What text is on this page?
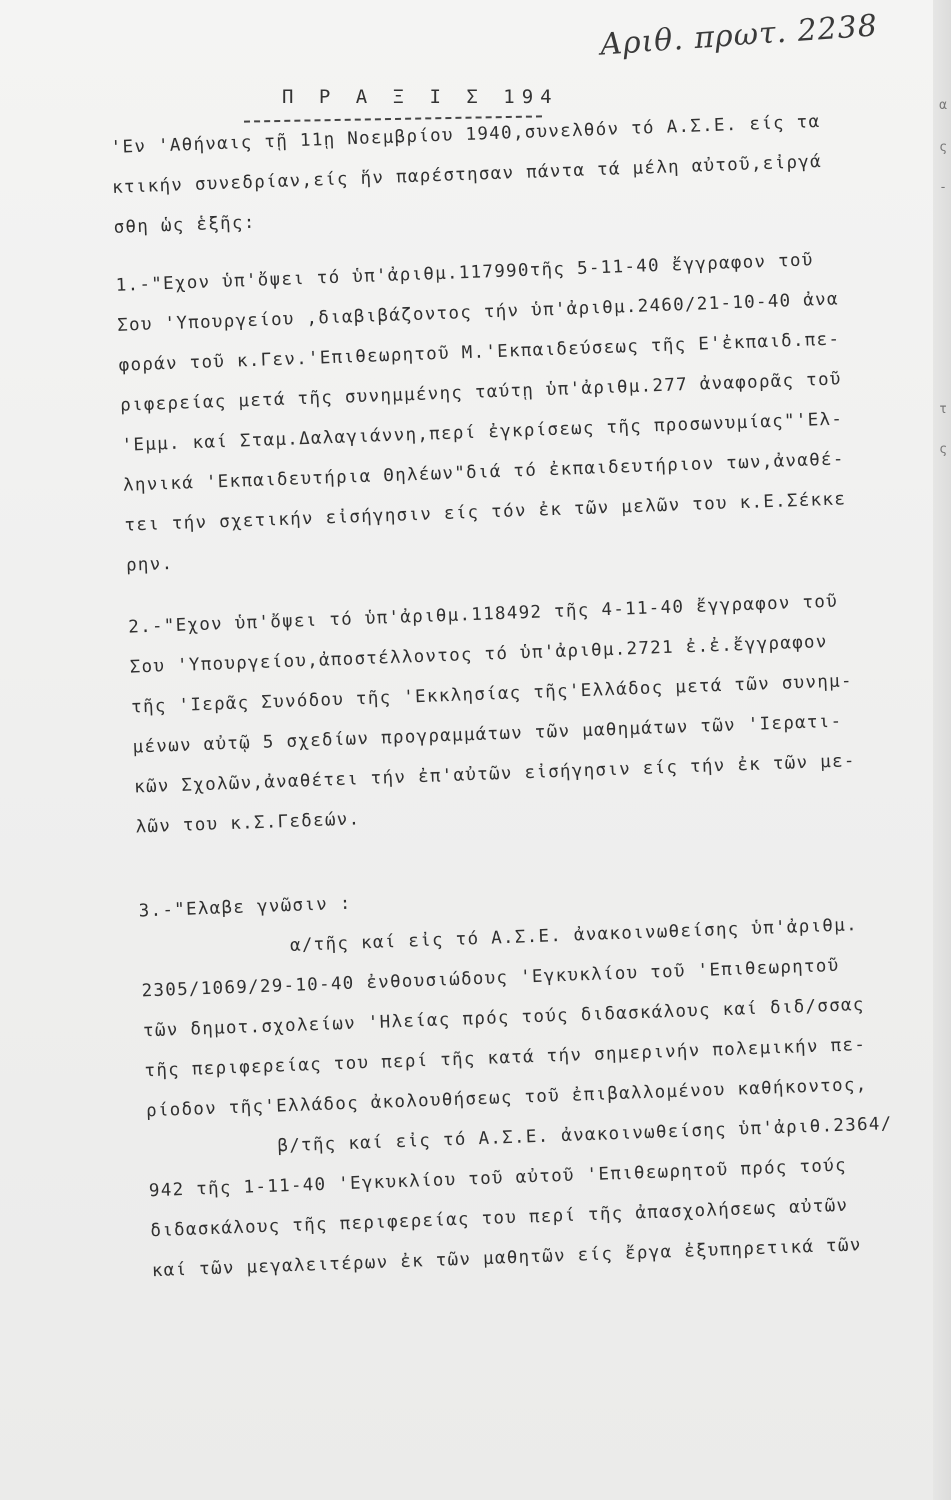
Αριθ. πρωτ. 2238
Π Ρ Α Ξ Ι Σ 194
'Εν 'Αθήναις τῇ 11ῃ Νοεμβρίου 1940,συνελθόν τό Α.Σ.Ε. είς τα
κτικήν συνεδρίαν,είς ἥν παρέστησαν πάντα τά μέλη αὐτοῦ,εἰργά
σθη ὡς ἑξῆς:
1.-"Εχον ὑπ'ὄψει τό ὑπ'ἀριθμ.117990τῆς 5-11-40 ἔγγραφον τοῦ
Σου 'Υπουργείου ,διαβιβάζοντος τήν ὑπ'ἀριθμ.2460/21-10-40 ἀνα
φοράν τοῦ κ.Γεν.'Επιθεωρητοῦ Μ.'Εκπαιδεύσεως τῆς Ε'ἐκπαιδ.πε-
ριφερείας μετά τῆς συνημμένης ταύτῃ ὑπ'ἀριθμ.277 ἀναφορᾶς τοῦ
'Εμμ. καί Σταμ.Δαλαγιάννη,περί ἐγκρίσεως τῆς προσωνυμίας"'Ελ-
ληνικά 'Εκπαιδευτήρια Θηλέων"διά τό ἐκπαιδευτήριον των,ἀναθέ-
τει τήν σχετικήν εἰσήγησιν είς τόν ἐκ τῶν μελῶν του κ.Ε.Σέκκε
ρην.
2.-"Εχον ὑπ'ὄψει τό ὑπ'ἀριθμ.118492 τῆς 4-11-40 ἔγγραφον τοῦ
Σου 'Υπουργείου,ἀποστέλλοντος τό ὑπ'ἀριθμ.2721 ἐ.ἐ.ἔγγραφον
τῆς 'Ιερᾶς Συνόδου τῆς 'Εκκλησίας τῆς'Ελλάδος μετά τῶν συνημ-
μένων αὐτῷ 5 σχεδίων προγραμμάτων τῶν μαθημάτων τῶν 'Ιερατι-
κῶν Σχολῶν,ἀναθέτει τήν ἐπ'αὐτῶν εἰσήγησιν είς τήν ἐκ τῶν με-
λῶν του κ.Σ.Γεδεών.
3.-"Ελαβε γνῶσιν :
α/τῆς καί εἰς τό Α.Σ.Ε. ἀνακοινωθείσης ὑπ'ἀριθμ.
2305/1069/29-10-40 ἐνθουσιώδους 'Εγκυκλίου τοῦ 'Επιθεωρητοῦ
τῶν δημοτ.σχολείων 'Ηλείας πρός τούς διδασκάλους καί διδ/σσας
τῆς περιφερείας του περί τῆς κατά τήν σημερινήν πολεμικήν πε-
ρίοδον τῆς'Ελλάδος ἀκολουθήσεως τοῦ ἐπιβαλλομένου καθήκοντος,
β/τῆς καί εἰς τό Α.Σ.Ε. ἀνακοινωθείσης ὑπ'ἀριθ.2364/
942 τῆς 1-11-40 'Εγκυκλίου τοῦ αὐτοῦ 'Επιθεωρητοῦ πρός τούς
διδασκάλους τῆς περιφερείας του περί τῆς ἀπασχολήσεως αὐτῶν
καί τῶν μεγαλειτέρων ἐκ τῶν μαθητῶν είς ἔργα ἐξυπηρετικά τῶν
α
ς
-
τ
ς
